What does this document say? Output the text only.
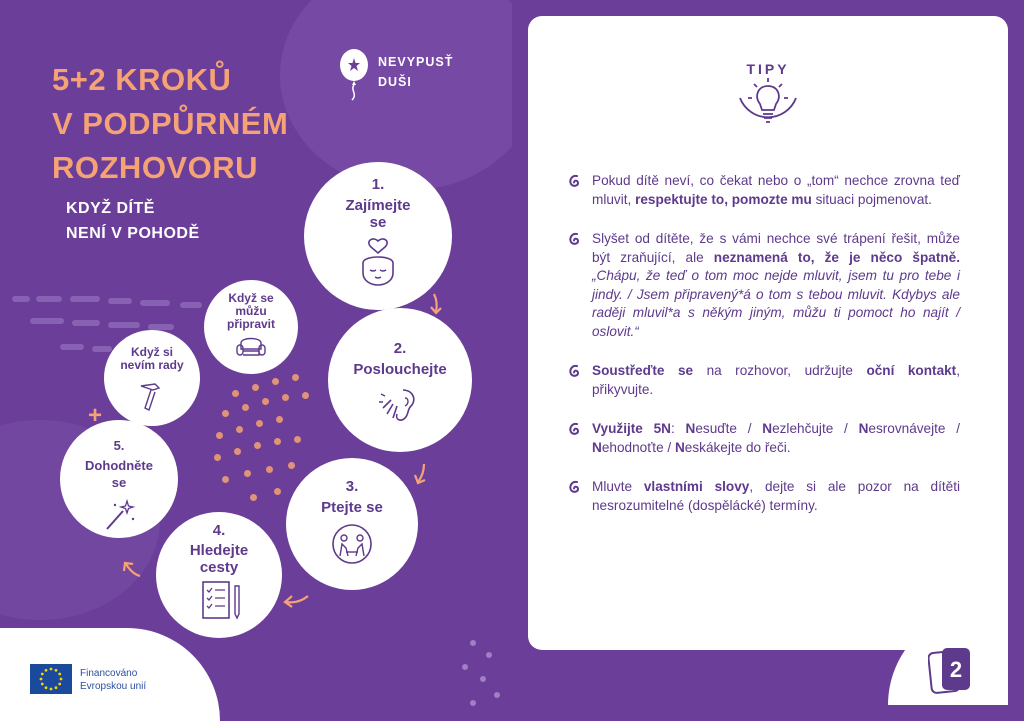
5+2 KROKŮ
V PODPŮRNÉM
ROZHOVORU
KDYŽ DÍTĚ
NENÍ V POHODĚ
NEVYPUSŤ
DUŠI
1.
Zajímejte
se
2.
Poslouchejte
3.
Ptejte se
4.
Hledejte
cesty
5.
Dohodněte
se
Když se
můžu
připravit
Když si
nevím rady
+
Financováno
Evropskou unií
TIPY
Pokud dítě neví, co čekat nebo o „tom“ nechce zrovna teď mluvit, respektujte to, pomozte mu situaci pojmenovat.
Slyšet od dítěte, že s vámi nechce své trápení řešit, může být zraňující, ale neznamená to, že je něco špatně. „Chápu, že teď o tom moc nejde mluvit, jsem tu pro tebe i jindy. / Jsem připravený*á o tom s tebou mluvit. Kdybys ale raději mluvil*a s někým jiným, můžu ti pomoct ho najít / oslovit.“
Soustřeďte se na rozhovor, udržujte oční kontakt, přikyvujte.
Využijte 5N: Nesuďte / Nezlehčujte / Nesrovnávejte / Nehodnoťte / Neskákejte do řeči.
Mluvte vlastními slovy, dejte si ale pozor na dítěti nesrozumitelné (dospělácké) termíny.
2
